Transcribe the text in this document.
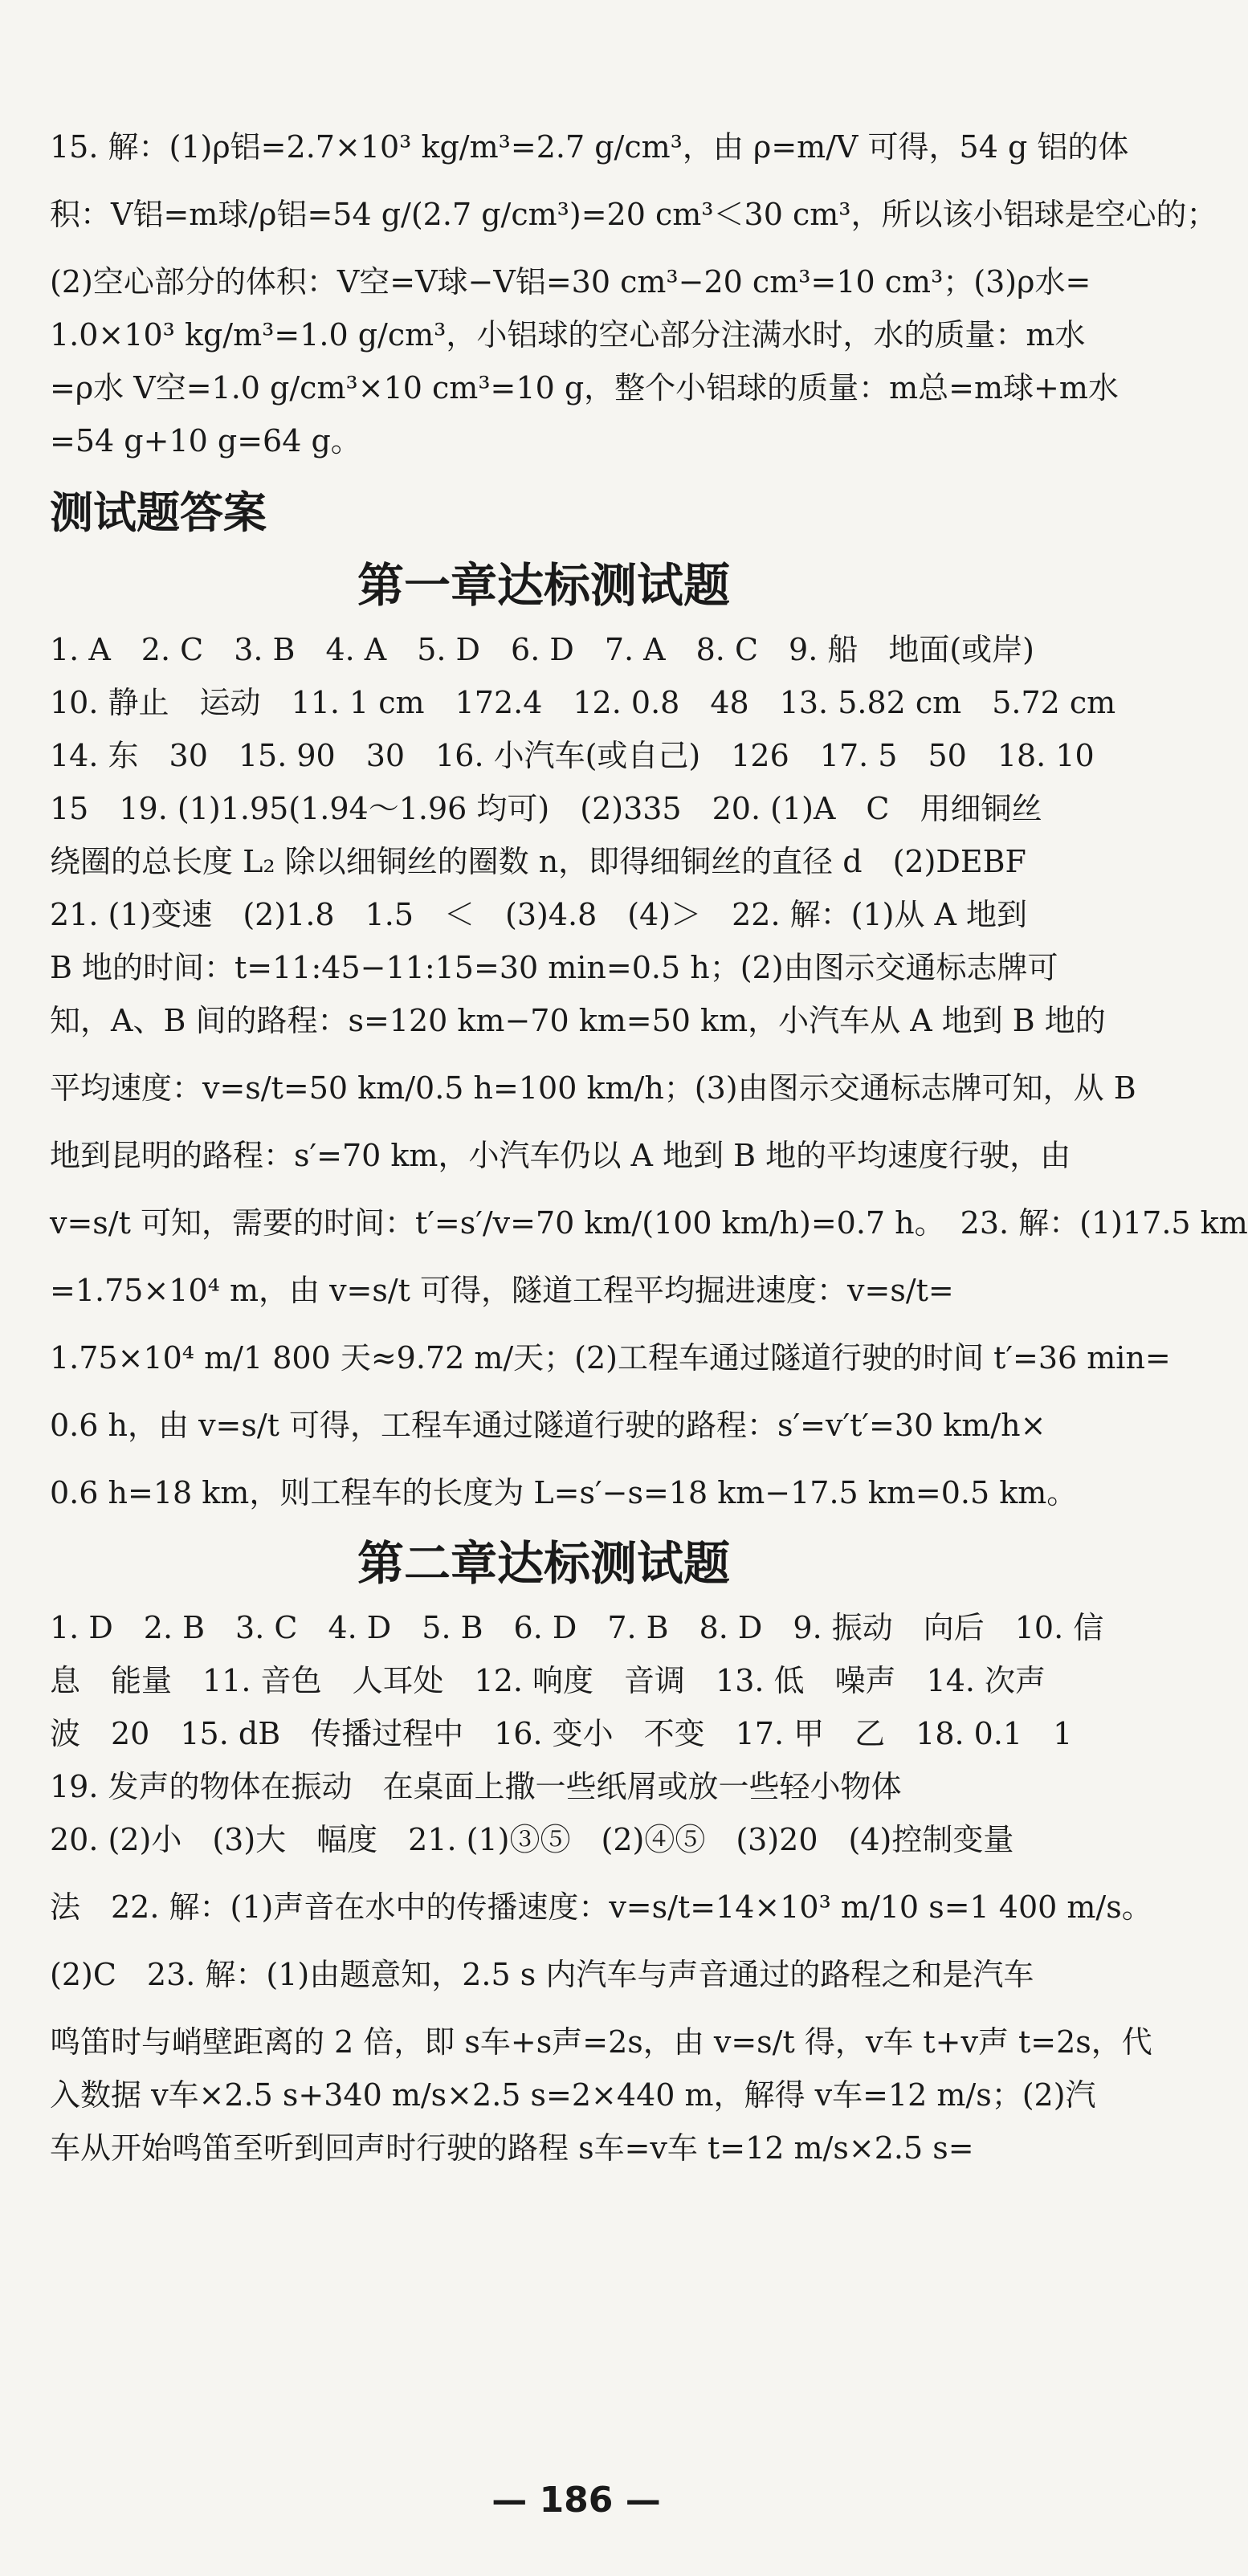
15. 解：(1)ρ铝=2.7×10³ kg/m³=2.7 g/cm³，由 ρ=m/V 可得，54 g 铝的体

积：V铝=m球/ρ铝=54 g/(2.7 g/cm³)=20 cm³＜30 cm³，所以该小铝球是空心的；

(2)空心部分的体积：V空=V球−V铝=30 cm³−20 cm³=10 cm³；(3)ρ水=

1.0×10³ kg/m³=1.0 g/cm³，小铝球的空心部分注满水时，水的质量：m水

=ρ水 V空=1.0 g/cm³×10 cm³=10 g，整个小铝球的质量：m总=m球+m水

=54 g+10 g=64 g。

测试题答案
第一章达标测试题

1. A　2. C　3. B　4. A　5. D　6. D　7. A　8. C　9. 船　地面(或岸)

10. 静止　运动　11. 1 cm　172.4　12. 0.8　48　13. 5.82 cm　5.72 cm

14. 东　30　15. 90　30　16. 小汽车(或自己)　126　17. 5　50　18. 10

15　19. (1)1.95(1.94～1.96 均可)　(2)335　20. (1)A　C　用细铜丝

绕圈的总长度 L₂ 除以细铜丝的圈数 n，即得细铜丝的直径 d　(2)DEBF

21. (1)变速　(2)1.8　1.5　＜　(3)4.8　(4)＞　22. 解：(1)从 A 地到

B 地的时间：t=11:45−11:15=30 min=0.5 h；(2)由图示交通标志牌可

知，A、B 间的路程：s=120 km−70 km=50 km，小汽车从 A 地到 B 地的

平均速度：v=s/t=50 km/0.5 h=100 km/h；(3)由图示交通标志牌可知，从 B

地到昆明的路程：s′=70 km，小汽车仍以 A 地到 B 地的平均速度行驶，由

v=s/t 可知，需要的时间：t′=s′/v=70 km/(100 km/h)=0.7 h。　23. 解：(1)17.5 km

=1.75×10⁴ m，由 v=s/t 可得，隧道工程平均掘进速度：v=s/t=

1.75×10⁴ m/1 800 天≈9.72 m/天；(2)工程车通过隧道行驶的时间 t′=36 min=

0.6 h，由 v=s/t 可得，工程车通过隧道行驶的路程：s′=v′t′=30 km/h×

0.6 h=18 km，则工程车的长度为 L=s′−s=18 km−17.5 km=0.5 km。

第二章达标测试题

1. D　2. B　3. C　4. D　5. B　6. D　7. B　8. D　9. 振动　向后　10. 信

息　能量　11. 音色　人耳处　12. 响度　音调　13. 低　噪声　14. 次声

波　20　15. dB　传播过程中　16. 变小　不变　17. 甲　乙　18. 0.1　1

19. 发声的物体在振动　在桌面上撒一些纸屑或放一些轻小物体

20. (2)小　(3)大　幅度　21. (1)③⑤　(2)④⑤　(3)20　(4)控制变量

法　22. 解：(1)声音在水中的传播速度：v=s/t=14×10³ m/10 s=1 400 m/s。

(2)C　23. 解：(1)由题意知，2.5 s 内汽车与声音通过的路程之和是汽车

鸣笛时与峭壁距离的 2 倍，即 s车+s声=2s，由 v=s/t 得，v车 t+v声 t=2s，代

入数据 v车×2.5 s+340 m/s×2.5 s=2×440 m，解得 v车=12 m/s；(2)汽

车从开始鸣笛至听到回声时行驶的路程 s车=v车 t=12 m/s×2.5 s=

— 186 —
